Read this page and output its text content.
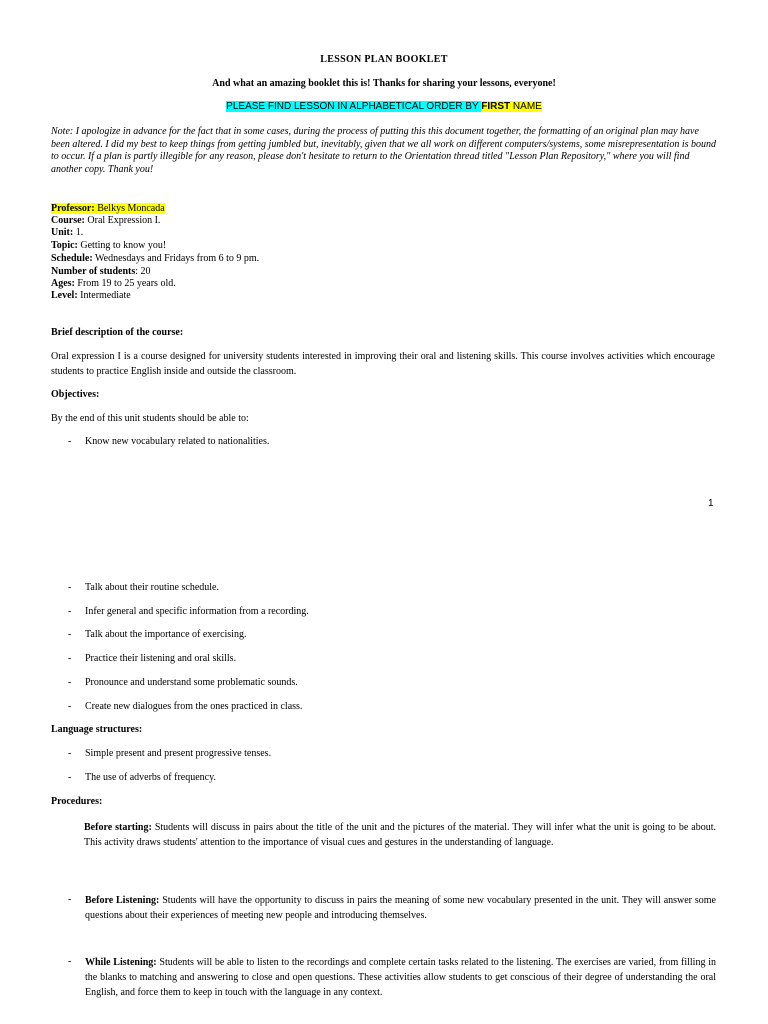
LESSON PLAN BOOKLET
And what an amazing booklet this is! Thanks for sharing your lessons, everyone!
PLEASE FIND LESSON IN ALPHABETICAL ORDER BY FIRST NAME
Note: I apologize in advance for the fact that in some cases, during the process of putting this this document together, the formatting of an original plan may have been altered. I did my best to keep things from getting jumbled but, inevitably, given that we all work on different computers/systems, some misrepresentation is bound to occur. If a plan is partly illegible for any reason, please don't hesitate to return to the Orientation thread titled "Lesson Plan Repository," where you will find another copy. Thank you!
Professor: Belkys Moncada
Course: Oral Expression I.
Unit: 1.
Topic: Getting to know you!
Schedule: Wednesdays and Fridays from 6 to 9 pm.
Number of students: 20
Ages: From 19 to 25 years old.
Level: Intermediate
Brief description of the course:
Oral expression I is a course designed for university students interested in improving their oral and listening skills. This course involves activities which encourage students to practice English inside and outside the classroom.
Objectives:
By the end of this unit students should be able to:
- Know new vocabulary related to nationalities.
1
- Talk about their routine schedule.
- Infer general and specific information from a recording.
- Talk about the importance of exercising.
- Practice their listening and oral skills.
- Pronounce and understand some problematic sounds.
- Create new dialogues from the ones practiced in class.
Language structures:
- Simple present and present progressive tenses.
- The use of adverbs of frequency.
Procedures:
Before starting: Students will discuss in pairs about the title of the unit and the pictures of the material. They will infer what the unit is going to be about. This activity draws students' attention to the importance of visual cues and gestures in the understanding of language.
- Before Listening: Students will have the opportunity to discuss in pairs the meaning of some new vocabulary presented in the unit. They will answer some questions about their experiences of meeting new people and introducing themselves.
- While Listening: Students will be able to listen to the recordings and complete certain tasks related to the listening. The exercises are varied, from filling in the blanks to matching and answering to close and open questions. These activities allow students to get conscious of their degree of understanding the oral English, and force them to keep in touch with the language in any context.
